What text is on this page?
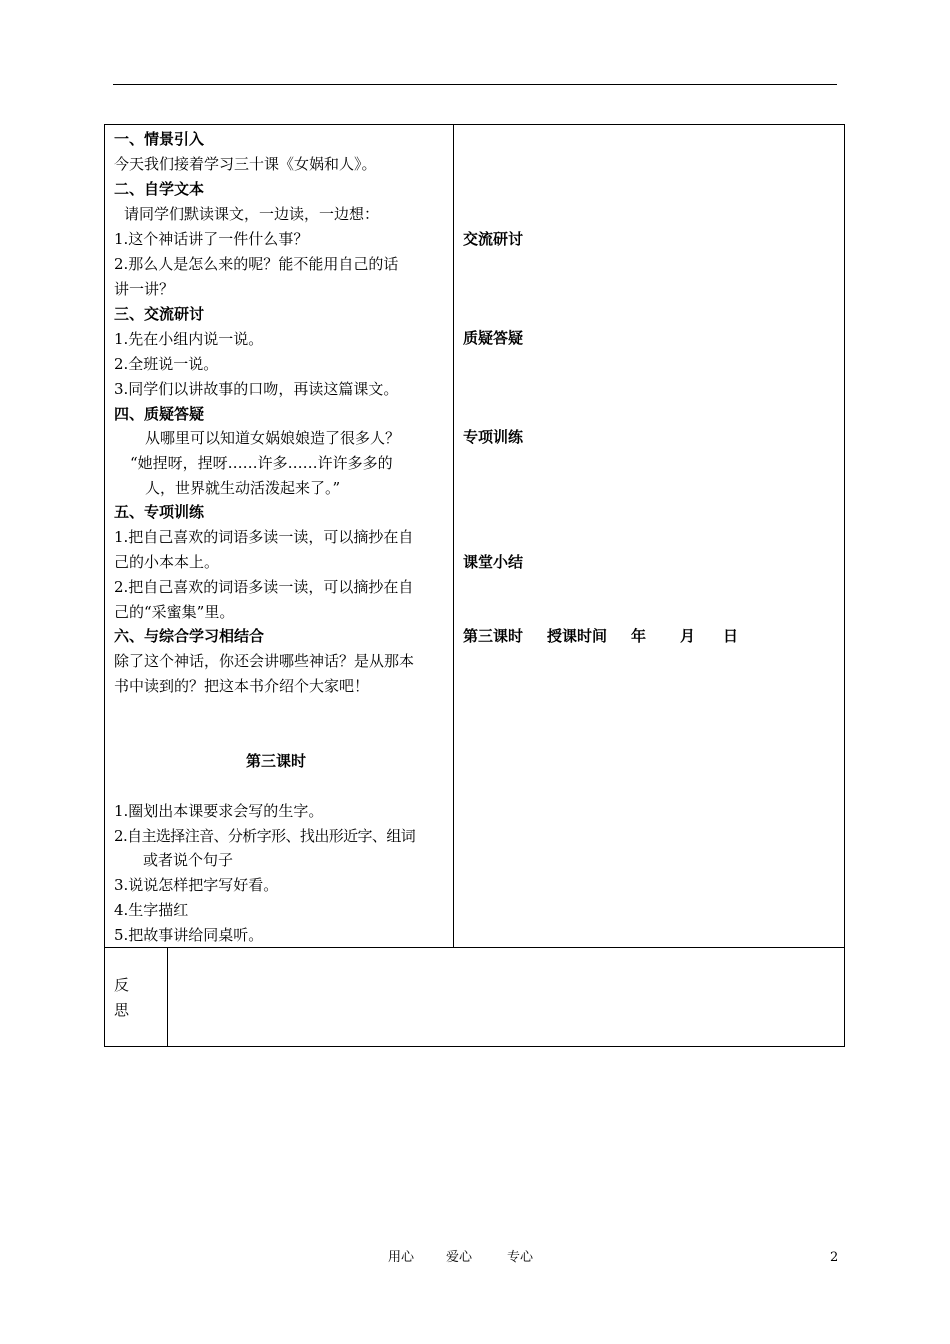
一、情景引入
今天我们接着学习三十课《女娲和人》。
二、自学文本
请同学们默读课文，一边读，一边想：
1.这个神话讲了一件什么事？
2.那么人是怎么来的呢？能不能用自己的话
讲一讲？
三、交流研讨
1.先在小组内说一说。
2.全班说一说。
3.同学们以讲故事的口吻，再读这篇课文。
四、质疑答疑
从哪里可以知道女娲娘娘造了很多人？
“她捏呀，捏呀……许多……许许多多的
人，世界就生动活泼起来了。”
五、专项训练
1.把自己喜欢的词语多读一读，可以摘抄在自
己的小本本上。
2.把自己喜欢的词语多读一读，可以摘抄在自
己的“采蜜集”里。
六、与综合学习相结合
除了这个神话，你还会讲哪些神话？是从那本
书中读到的？把这本书介绍个大家吧！
第三课时
1.圈划出本课要求会写的生字。
2.自主选择注音、分析字形、找出形近字、组词
或者说个句子
3.说说怎样把字写好看。
4.生字描红
5.把故事讲给同桌听。
交流研讨
质疑答疑
专项训练
课堂小结
第三课时 授课时间 年 月 日
反
思
用心 爱心	专心	2
